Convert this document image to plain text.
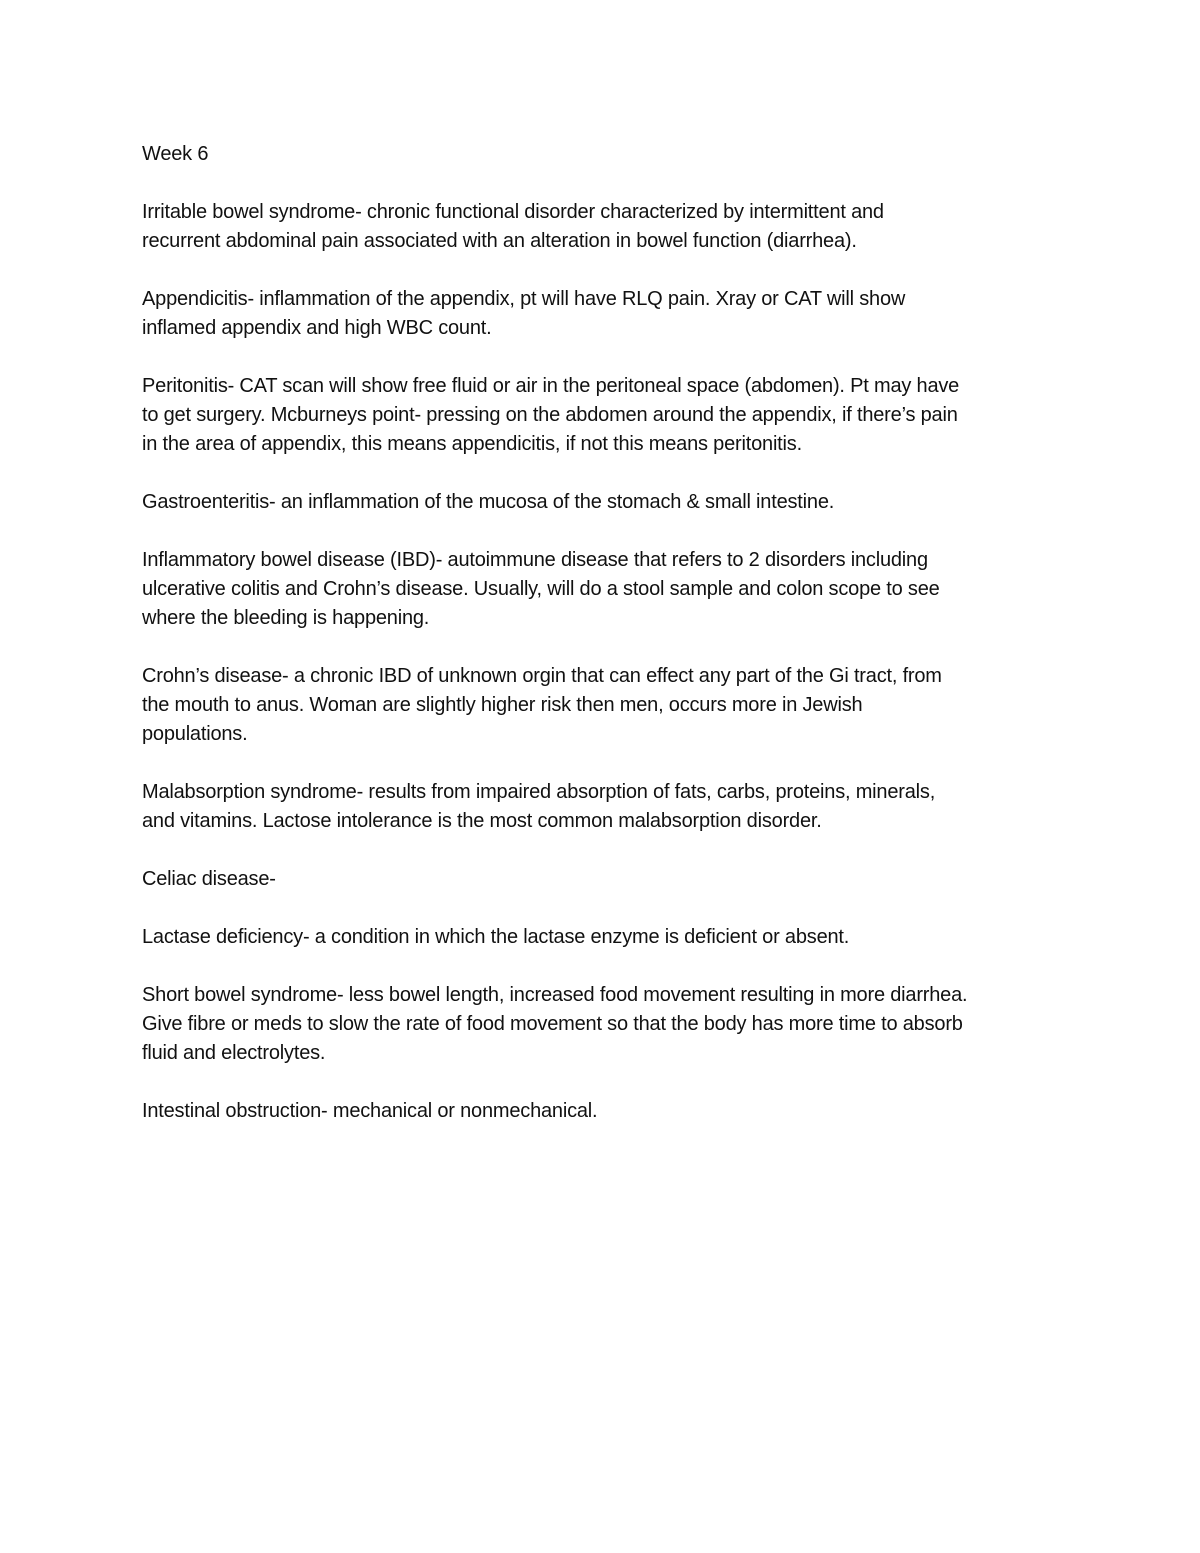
Week 6

Irritable bowel syndrome- chronic functional disorder characterized by intermittent and
recurrent abdominal pain associated with an alteration in bowel function (diarrhea).

Appendicitis- inflammation of the appendix, pt will have RLQ pain. Xray or CAT will show
inflamed appendix and high WBC count.

Peritonitis- CAT scan will show free fluid or air in the peritoneal space (abdomen). Pt may have
to get surgery. Mcburneys point- pressing on the abdomen around the appendix, if there’s pain
in the area of appendix, this means appendicitis, if not this means peritonitis.

Gastroenteritis- an inflammation of the mucosa of the stomach & small intestine.

Inflammatory bowel disease (IBD)- autoimmune disease that refers to 2 disorders including
ulcerative colitis and Crohn’s disease. Usually, will do a stool sample and colon scope to see
where the bleeding is happening.

Crohn’s disease- a chronic IBD of unknown orgin that can effect any part of the Gi tract, from
the mouth to anus. Woman are slightly higher risk then men, occurs more in Jewish
populations.

Malabsorption syndrome- results from impaired absorption of fats, carbs, proteins, minerals,
and vitamins. Lactose intolerance is the most common malabsorption disorder.

Celiac disease-

Lactase deficiency- a condition in which the lactase enzyme is deficient or absent.

Short bowel syndrome- less bowel length, increased food movement resulting in more diarrhea.
Give fibre or meds to slow the rate of food movement so that the body has more time to absorb
fluid and electrolytes.

Intestinal obstruction- mechanical or nonmechanical.
